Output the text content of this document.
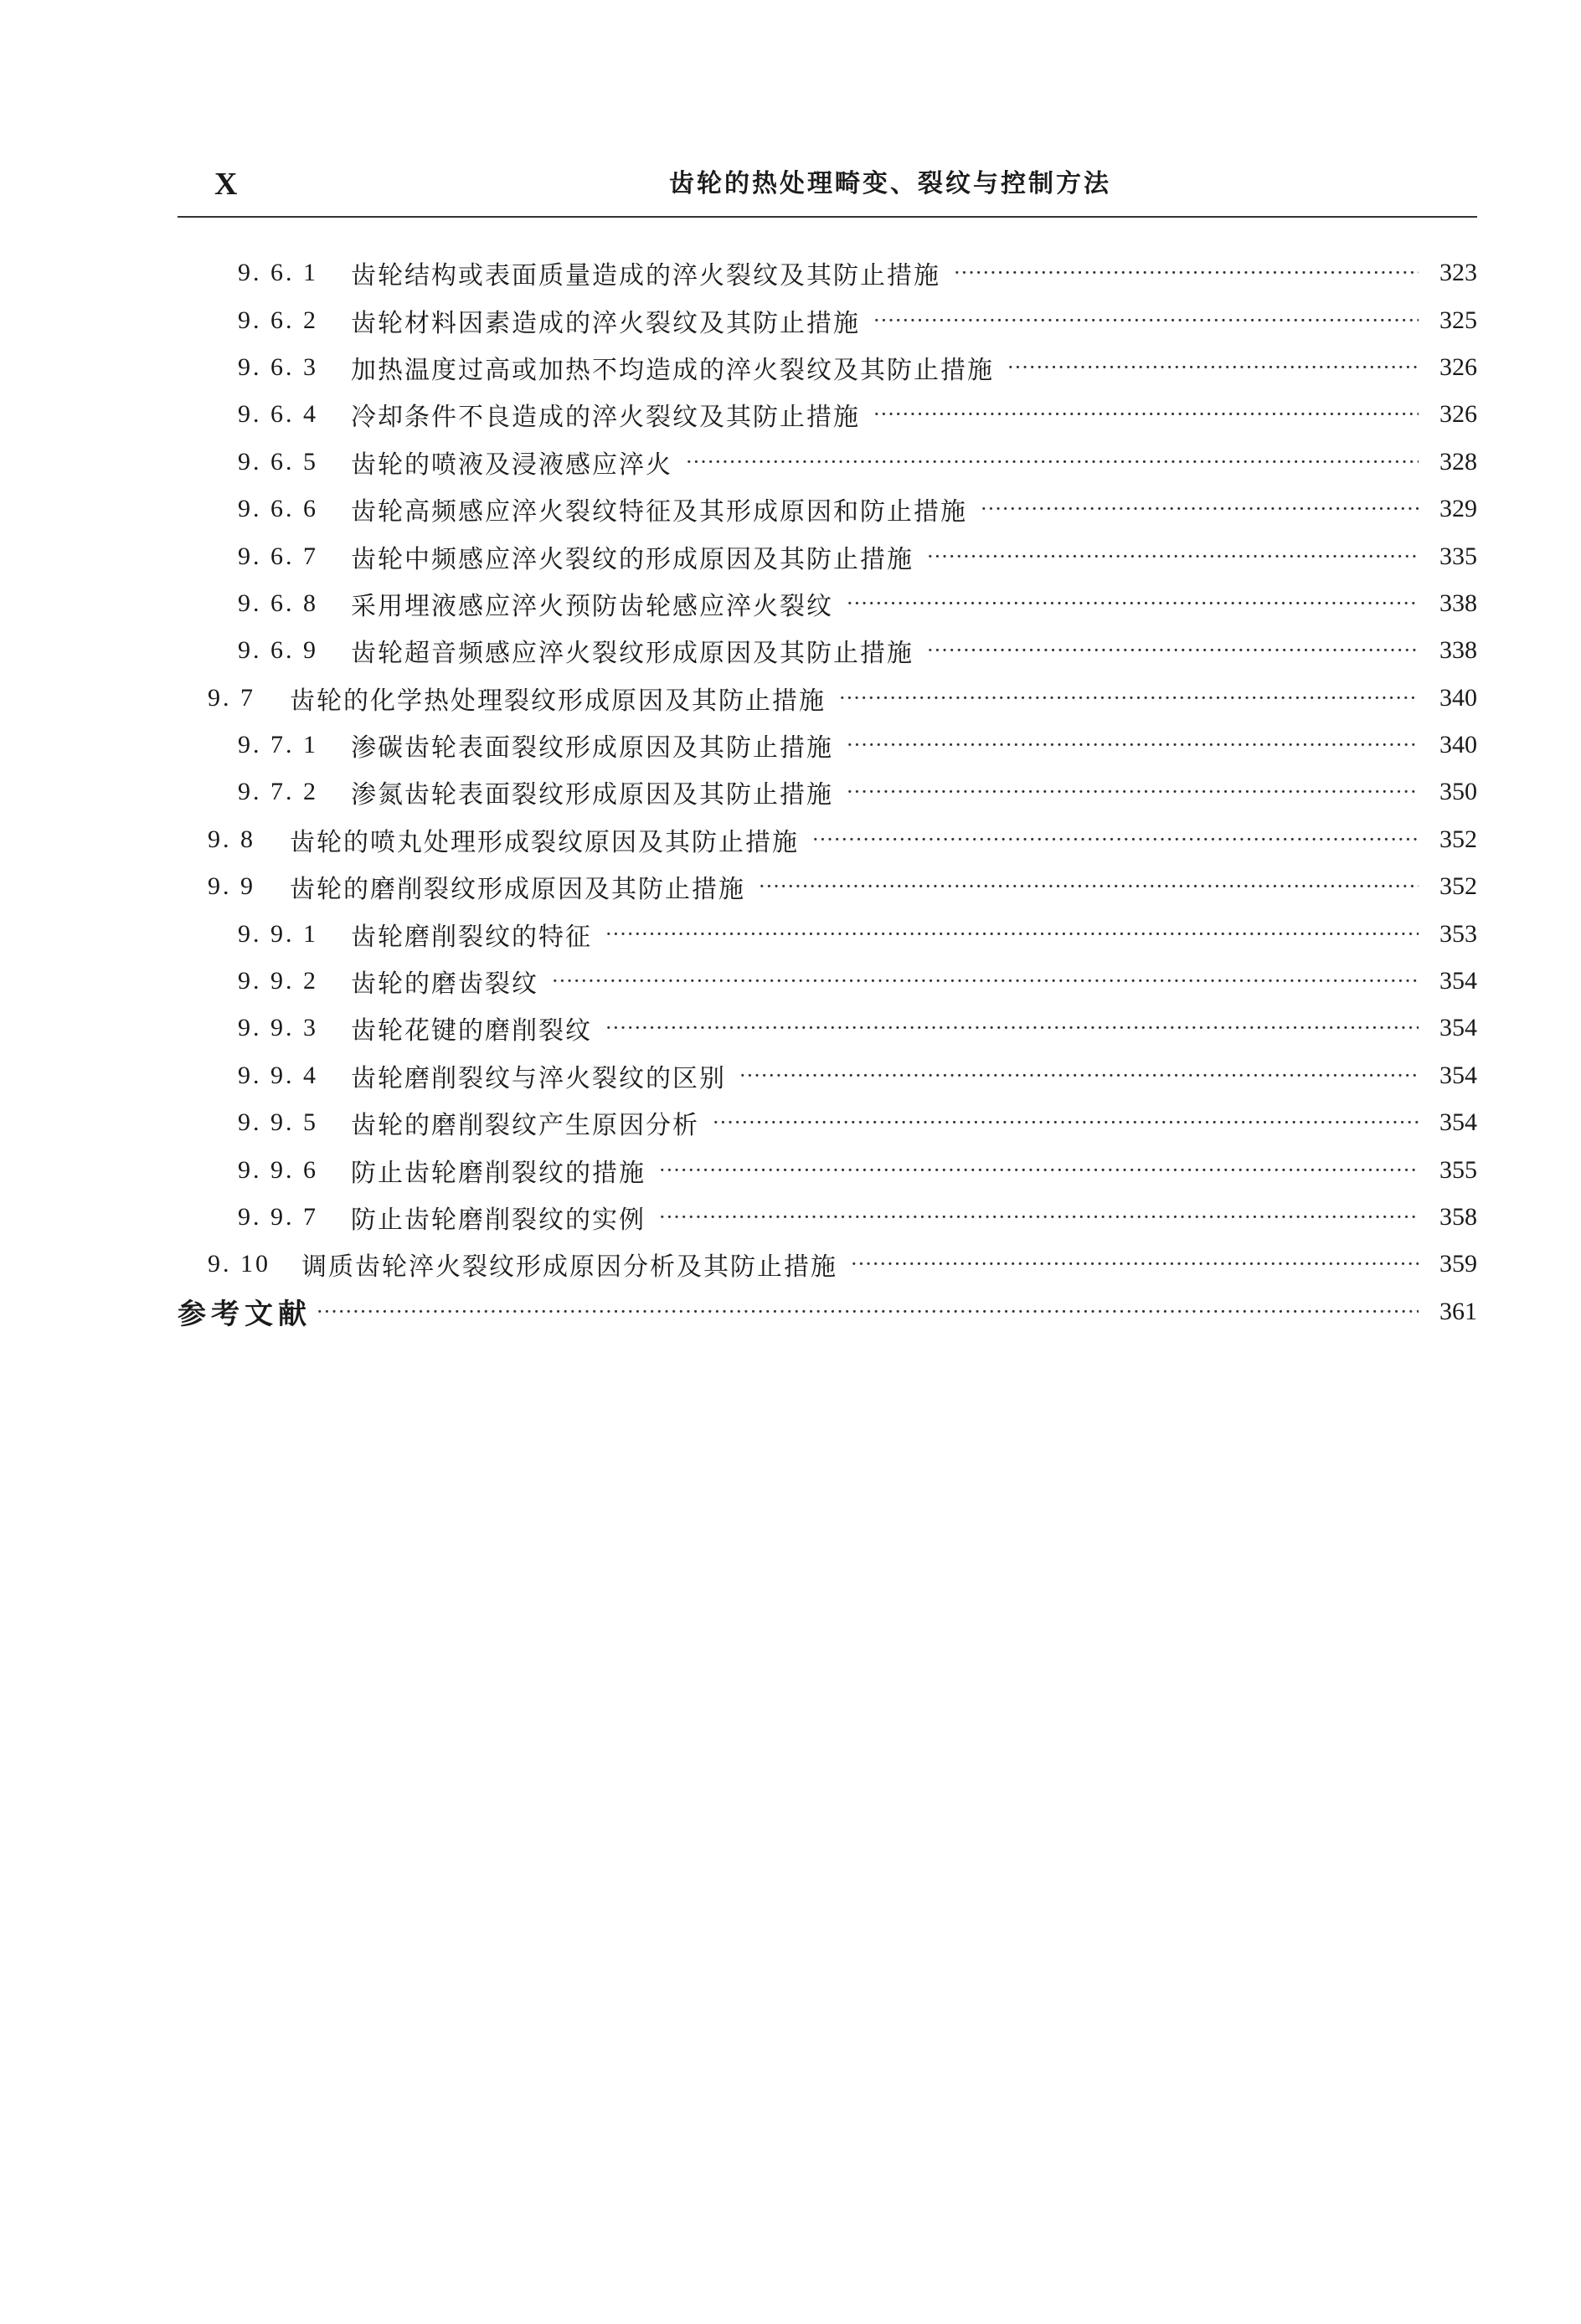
X	齿轮的热处理畸变、裂纹与控制方法
9. 6. 1	齿轮结构或表面质量造成的淬火裂纹及其防止措施 ·····	323
9. 6. 2	齿轮材料因素造成的淬火裂纹及其防止措施 ·····	325
9. 6. 3	加热温度过高或加热不均造成的淬火裂纹及其防止措施 ·····	326
9. 6. 4	冷却条件不良造成的淬火裂纹及其防止措施 ·····	326
9. 6. 5	齿轮的喷液及浸液感应淬火 ·····	328
9. 6. 6	齿轮高频感应淬火裂纹特征及其形成原因和防止措施 ·····	329
9. 6. 7	齿轮中频感应淬火裂纹的形成原因及其防止措施 ·····	335
9. 6. 8	采用埋液感应淬火预防齿轮感应淬火裂纹 ·····	338
9. 6. 9	齿轮超音频感应淬火裂纹形成原因及其防止措施 ·····	338
9. 7	齿轮的化学热处理裂纹形成原因及其防止措施 ·····	340
9. 7. 1	渗碳齿轮表面裂纹形成原因及其防止措施 ·····	340
9. 7. 2	渗氮齿轮表面裂纹形成原因及其防止措施 ·····	350
9. 8	齿轮的喷丸处理形成裂纹原因及其防止措施 ·····	352
9. 9	齿轮的磨削裂纹形成原因及其防止措施 ·····	352
9. 9. 1	齿轮磨削裂纹的特征 ·····	353
9. 9. 2	齿轮的磨齿裂纹 ·····	354
9. 9. 3	齿轮花键的磨削裂纹 ·····	354
9. 9. 4	齿轮磨削裂纹与淬火裂纹的区别 ·····	354
9. 9. 5	齿轮的磨削裂纹产生原因分析 ·····	354
9. 9. 6	防止齿轮磨削裂纹的措施 ·····	355
9. 9. 7	防止齿轮磨削裂纹的实例 ·····	358
9. 10	调质齿轮淬火裂纹形成原因分析及其防止措施 ·····	359
参考文献 ·····	361
